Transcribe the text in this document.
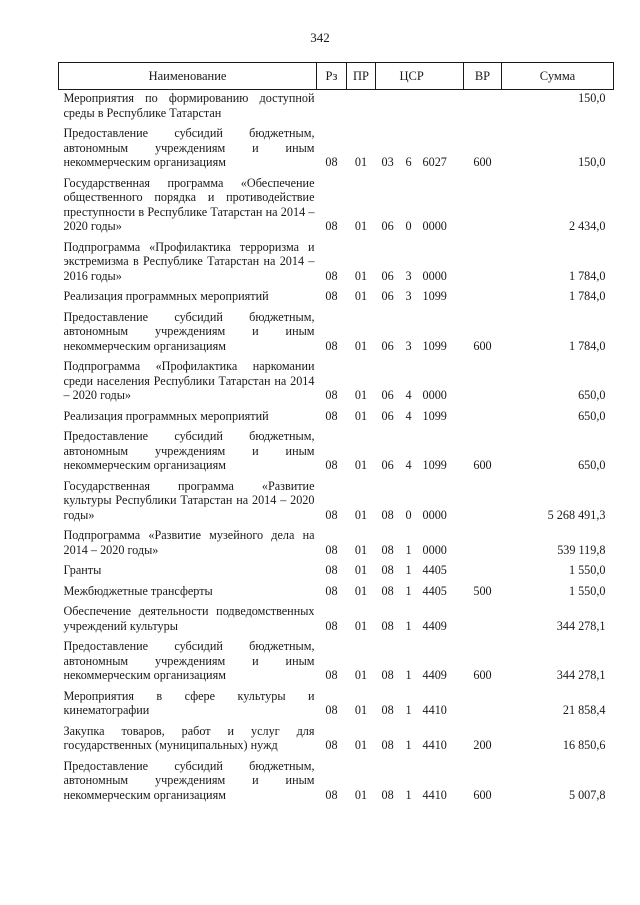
342
Наименование	Рз	ПР		ЦСР		ВР	Сумма
Мероприятия по формированию доступной среды в Республике Татарстан							150,0
Предоставление субсидий бюджетным, автономным учреждениям и иным некоммерческим организациям	08	01	03	6	6027	600	150,0
Государственная программа «Обеспечение общественного порядка и противодействие преступности в Республике Татарстан на 2014 – 2020 годы»	08	01	06	0	0000		2 434,0
Подпрограмма «Профилактика терроризма и экстремизма в Республике Татарстан на 2014 – 2016 годы»	08	01	06	3	0000		1 784,0
Реализация программных мероприятий	08	01	06	3	1099		1 784,0
Предоставление субсидий бюджетным, автономным учреждениям и иным некоммерческим организациям	08	01	06	3	1099	600	1 784,0
Подпрограмма «Профилактика наркомании среди населения Республики Татарстан на 2014 – 2020 годы»	08	01	06	4	0000		650,0
Реализация программных мероприятий	08	01	06	4	1099		650,0
Предоставление субсидий бюджетным, автономным учреждениям и иным некоммерческим организациям	08	01	06	4	1099	600	650,0
Государственная программа «Развитие культуры Республики Татарстан на 2014 – 2020 годы»	08	01	08	0	0000		5 268 491,3
Подпрограмма «Развитие музейного дела на 2014 – 2020 годы»	08	01	08	1	0000		539 119,8
Гранты	08	01	08	1	4405		1 550,0
Межбюджетные трансферты	08	01	08	1	4405	500	1 550,0
Обеспечение деятельности подведомственных учреждений культуры	08	01	08	1	4409		344 278,1
Предоставление субсидий бюджетным, автономным учреждениям и иным некоммерческим организациям	08	01	08	1	4409	600	344 278,1
Мероприятия в сфере культуры и кинематографии	08	01	08	1	4410		21 858,4
Закупка товаров, работ и услуг для государственных (муниципальных) нужд	08	01	08	1	4410	200	16 850,6
Предоставление субсидий бюджетным, автономным учреждениям и иным некоммерческим организациям	08	01	08	1	4410	600	5 007,8
